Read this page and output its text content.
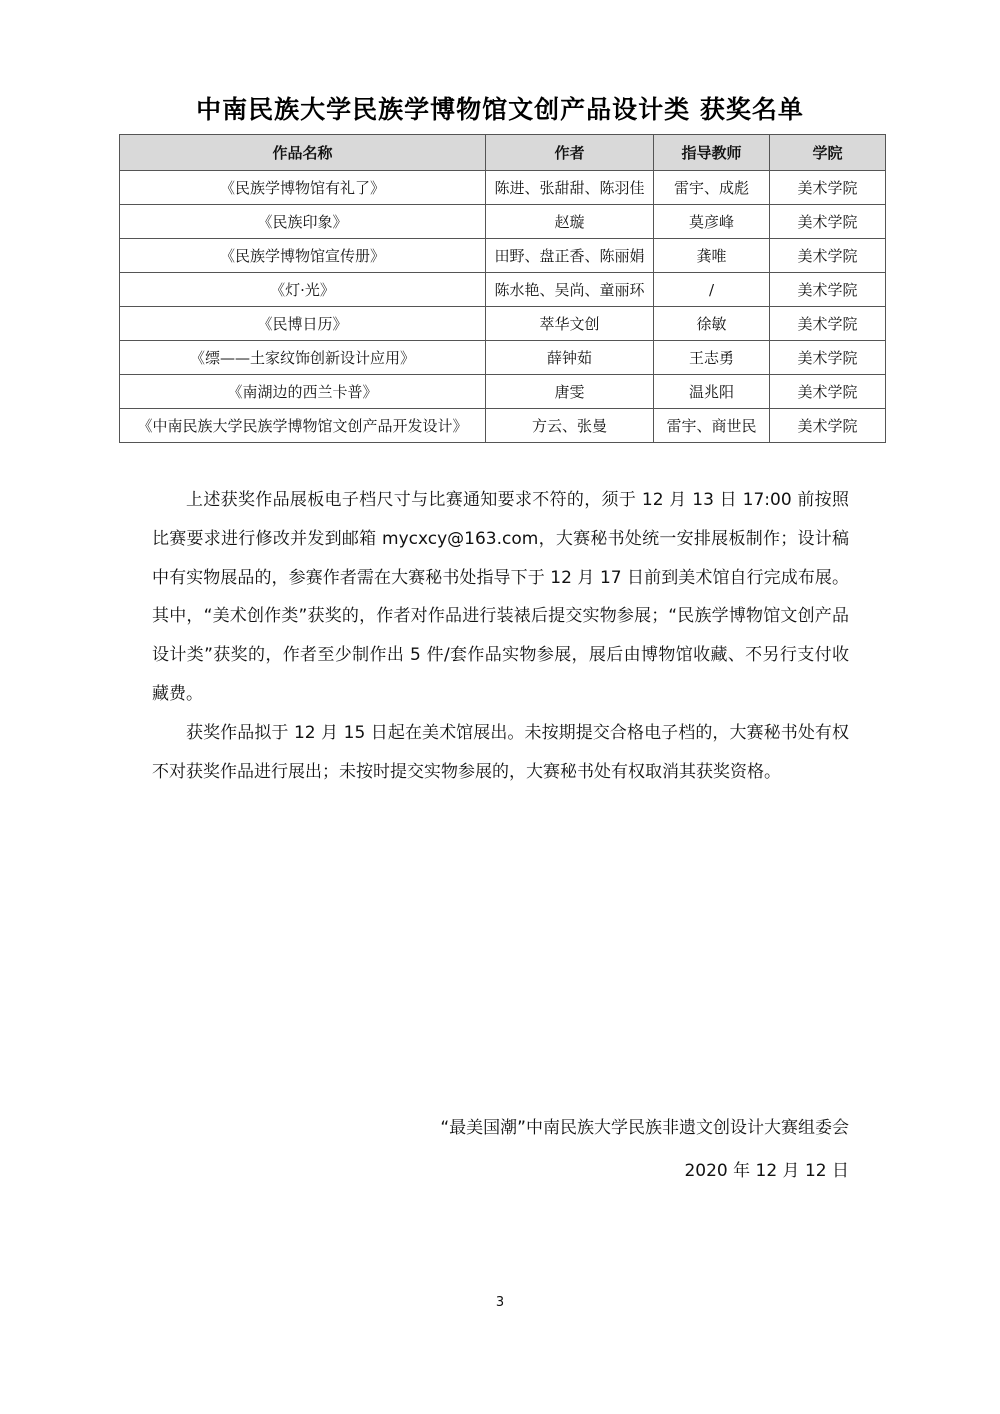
中南民族大学民族学博物馆文创产品设计类 获奖名单
作品名称	作者	指导教师	学院
《民族学博物馆有礼了》	陈进、张甜甜、陈羽佳	雷宇、成彪	美术学院
《民族印象》	赵璇	莫彦峰	美术学院
《民族学博物馆宣传册》	田野、盘正香、陈丽娟	龚唯	美术学院
《灯·光》	陈水艳、吴尚、童丽环	/	美术学院
《民博日历》	萃华文创	徐敏	美术学院
《缥——土家纹饰创新设计应用》	薛钟茹	王志勇	美术学院
《南湖边的西兰卡普》	唐雯	温兆阳	美术学院
《中南民族大学民族学博物馆文创产品开发设计》	方云、张曼	雷宇、商世民	美术学院

上述获奖作品展板电子档尺寸与比赛通知要求不符的，须于 12 月 13 日 17:00 前按照比赛要求进行修改并发到邮箱 mycxcy@163.com，大赛秘书处统一安排展板制作；设计稿中有实物展品的，参赛作者需在大赛秘书处指导下于 12 月 17 日前到美术馆自行完成布展。其中，“美术创作类”获奖的，作者对作品进行装裱后提交实物参展；“民族学博物馆文创产品设计类”获奖的，作者至少制作出 5 件/套作品实物参展，展后由博物馆收藏、不另行支付收藏费。

获奖作品拟于 12 月 15 日起在美术馆展出。未按期提交合格电子档的，大赛秘书处有权不对获奖作品进行展出；未按时提交实物参展的，大赛秘书处有权取消其获奖资格。

“最美国潮”中南民族大学民族非遗文创设计大赛组委会
2020 年 12 月 12 日
3
